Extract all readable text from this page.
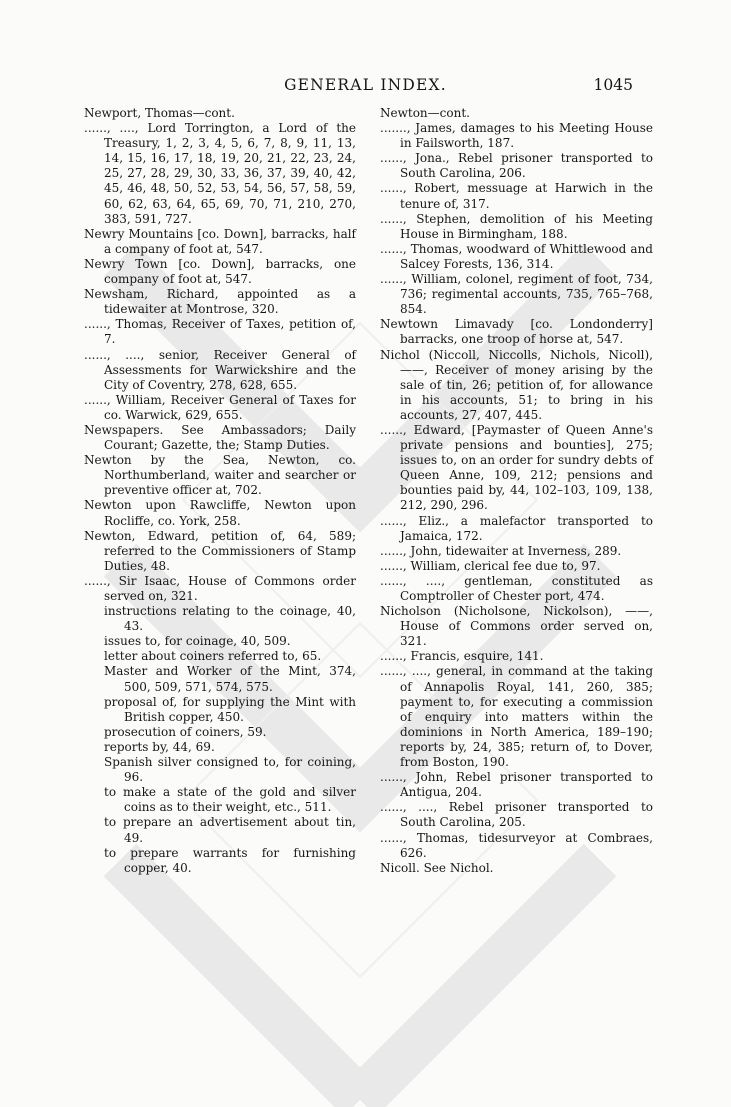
GENERAL INDEX.	1045

Newport, Thomas—cont.

......, ...., Lord Torrington, a Lord of the Treasury, 1, 2, 3, 4, 5, 6, 7, 8, 9, 11, 13, 14, 15, 16, 17, 18, 19, 20, 21, 22, 23, 24, 25, 27, 28, 29, 30, 33, 36, 37, 39, 40, 42, 45, 46, 48, 50, 52, 53, 54, 56, 57, 58, 59, 60, 62, 63, 64, 65, 69, 70, 71, 210, 270, 383, 591, 727.

Newry Mountains [co. Down], barracks, half a company of foot at, 547.

Newry Town [co. Down], barracks, one company of foot at, 547.

Newsham, Richard, appointed as a tidewaiter at Montrose, 320.

......, Thomas, Receiver of Taxes, petition of, 7.

......, ...., senior, Receiver General of Assessments for Warwickshire and the City of Coventry, 278, 628, 655.

......, William, Receiver General of Taxes for co. Warwick, 629, 655.

Newspapers. See Ambassadors; Daily Courant; Gazette, the; Stamp Duties.

Newton by the Sea, Newton, co. Northumberland, waiter and searcher or preventive officer at, 702.

Newton upon Rawcliffe, Newton upon Rocliffe, co. York, 258.

Newton, Edward, petition of, 64, 589; referred to the Commissioners of Stamp Duties, 48.

......, Sir Isaac, House of Commons order served on, 321.

instructions relating to the coinage, 40, 43.

issues to, for coinage, 40, 509.

letter about coiners referred to, 65.

Master and Worker of the Mint, 374, 500, 509, 571, 574, 575.

proposal of, for supplying the Mint with British copper, 450.

prosecution of coiners, 59.

reports by, 44, 69.

Spanish silver consigned to, for coining, 96.

to make a state of the gold and silver coins as to their weight, etc., 511.

to prepare an advertisement about tin, 49.

to prepare warrants for furnishing copper, 40.

Newton—cont.

......., James, damages to his Meeting House in Failsworth, 187.

......, Jona., Rebel prisoner transported to South Carolina, 206.

......, Robert, messuage at Harwich in the tenure of, 317.

......, Stephen, demolition of his Meeting House in Birmingham, 188.

......, Thomas, woodward of Whittlewood and Salcey Forests, 136, 314.

......, William, colonel, regiment of foot, 734, 736; regimental accounts, 735, 765–768, 854.

Newtown Limavady [co. Londonderry] barracks, one troop of horse at, 547.

Nichol (Niccoll, Niccolls, Nichols, Nicoll), ——, Receiver of money arising by the sale of tin, 26; petition of, for allowance in his accounts, 51; to bring in his accounts, 27, 407, 445.

......, Edward, [Paymaster of Queen Anne's private pensions and bounties], 275; issues to, on an order for sundry debts of Queen Anne, 109, 212; pensions and bounties paid by, 44, 102–103, 109, 138, 212, 290, 296.

......, Eliz., a malefactor transported to Jamaica, 172.

......, John, tidewaiter at Inverness, 289.

......, William, clerical fee due to, 97.

......, ...., gentleman, constituted as Comptroller of Chester port, 474.

Nicholson (Nicholsone, Nickolson), ——, House of Commons order served on, 321.

......, Francis, esquire, 141.

......, ...., general, in command at the taking of Annapolis Royal, 141, 260, 385; payment to, for executing a commission of enquiry into matters within the dominions in North America, 189–190; reports by, 24, 385; return of, to Dover, from Boston, 190.

......, John, Rebel prisoner transported to Antigua, 204.

......, ...., Rebel prisoner transported to South Carolina, 205.

......, Thomas, tidesurveyor at Combraes, 626.

Nicoll. See Nichol.
